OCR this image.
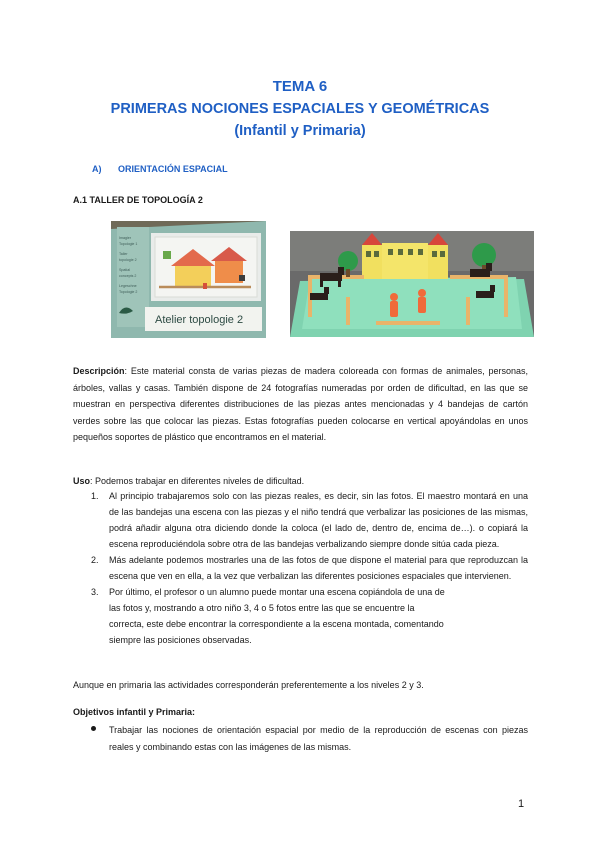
TEMA 6
PRIMERAS NOCIONES ESPACIALES Y GEOMÉTRICAS
(Infantil y Primaria)
A) ORIENTACIÓN ESPACIAL
A.1 TALLER DE TOPOLOGÍA 2
Imagier
Topologie 1
Taller
topologie 2
Spatial
concepts 2
Legeschne
Topologie 2
Atelier topologie 2
Descripción: Este material consta de varias piezas de madera coloreada con formas de animales, personas, árboles, vallas y casas. También dispone de 24 fotografías numeradas por orden de dificultad, en las que se muestran en perspectiva diferentes distribuciones de las piezas antes mencionadas y 4 bandejas de cartón verdes sobre las que colocar las piezas. Estas fotografías pueden colocarse en vertical apoyándolas en unos pequeños soportes de plástico que encontramos en el material.
Uso: Podemos trabajar en diferentes niveles de dificultad.
1. Al principio trabajaremos solo con las piezas reales, es decir, sin las fotos. El maestro montará en una de las bandejas una escena con las piezas y el niño tendrá que verbalizar las posiciones de las mismas, podrá añadir alguna otra diciendo donde la coloca (el lado de, dentro de, encima de…). o copiará la escena reproduciéndola sobre otra de las bandejas verbalizando siempre donde sitúa cada pieza.
2. Más adelante podemos mostrarles una de las fotos de que dispone el material para que reproduzcan la escena que ven en ella, a la vez que verbalizan las diferentes posiciones espaciales que intervienen.
3. Por último, el profesor o un alumno puede montar una escena copiándola de una de
las fotos y, mostrando a otro niño 3, 4 o 5 fotos entre las que se encuentre la
correcta, este debe encontrar la correspondiente a la escena montada, comentando
siempre las posiciones observadas.
Aunque en primaria las actividades corresponderán preferentemente a los niveles 2 y 3.
Objetivos infantil y Primaria:
Trabajar las nociones de orientación espacial por medio de la reproducción de escenas con piezas reales y combinando estas con las imágenes de las mismas.
1
